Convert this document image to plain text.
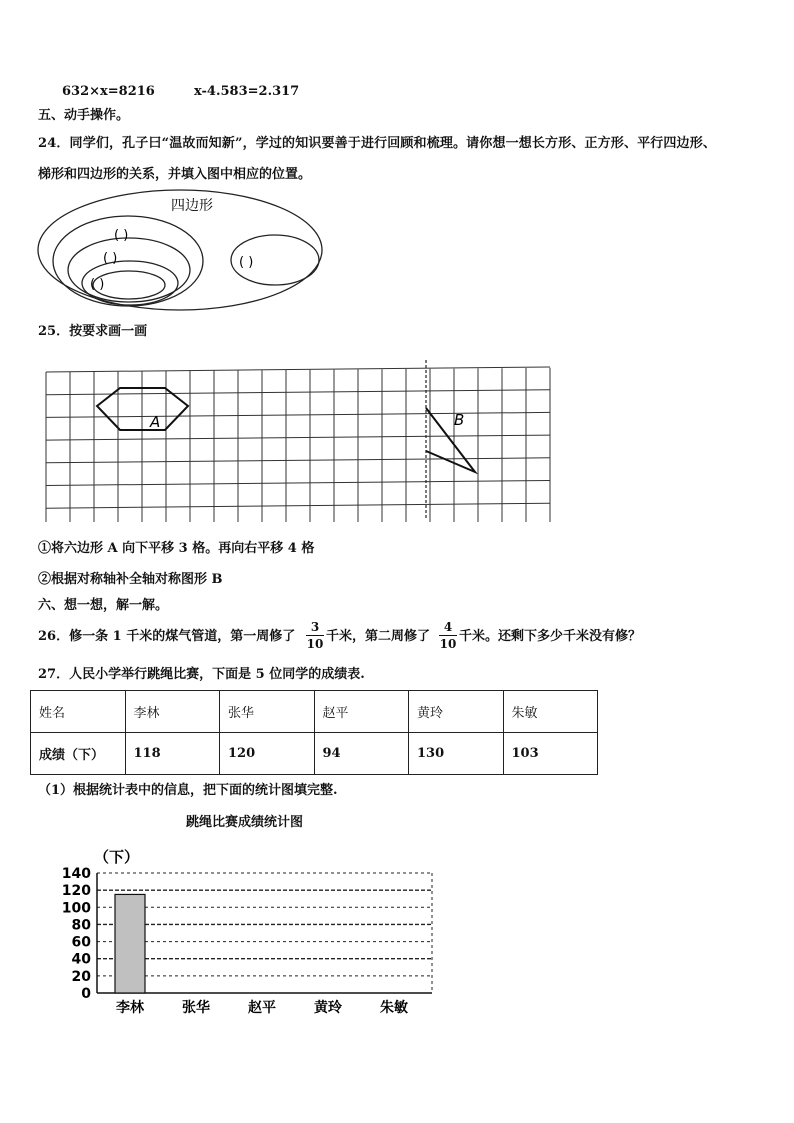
632×x=8216	x-4.583=2.317
五、动手操作。
24．同学们，孔子曰“温故而知新”，学过的知识要善于进行回顾和梳理。请你想一想长方形、正方形、平行四边形、
梯形和四边形的关系，并填入图中相应的位置。
四边形
( )
( )
( )
( )
25．按要求画一画
A	B
①将六边形 A 向下平移 3 格。再向右平移 4 格
②根据对称轴补全轴对称图形 B
六、想一想，解一解。
26．修一条 1 千米的煤气管道，第一周修了
3
10 千米，第二周修了
4
10 千米。还剩下多少千米没有修？
27．人民小学举行跳绳比赛，下面是 5 位同学的成绩表.
姓名	李林	张华	赵平	黄玲	朱敏
成绩（下）	118	120	94	130	103
（1）根据统计表中的信息，把下面的统计图填完整.
跳绳比赛成绩统计图
（下）
0
20
40
60
80
100
120
140
李林	张华	赵平	黄玲	朱敏
